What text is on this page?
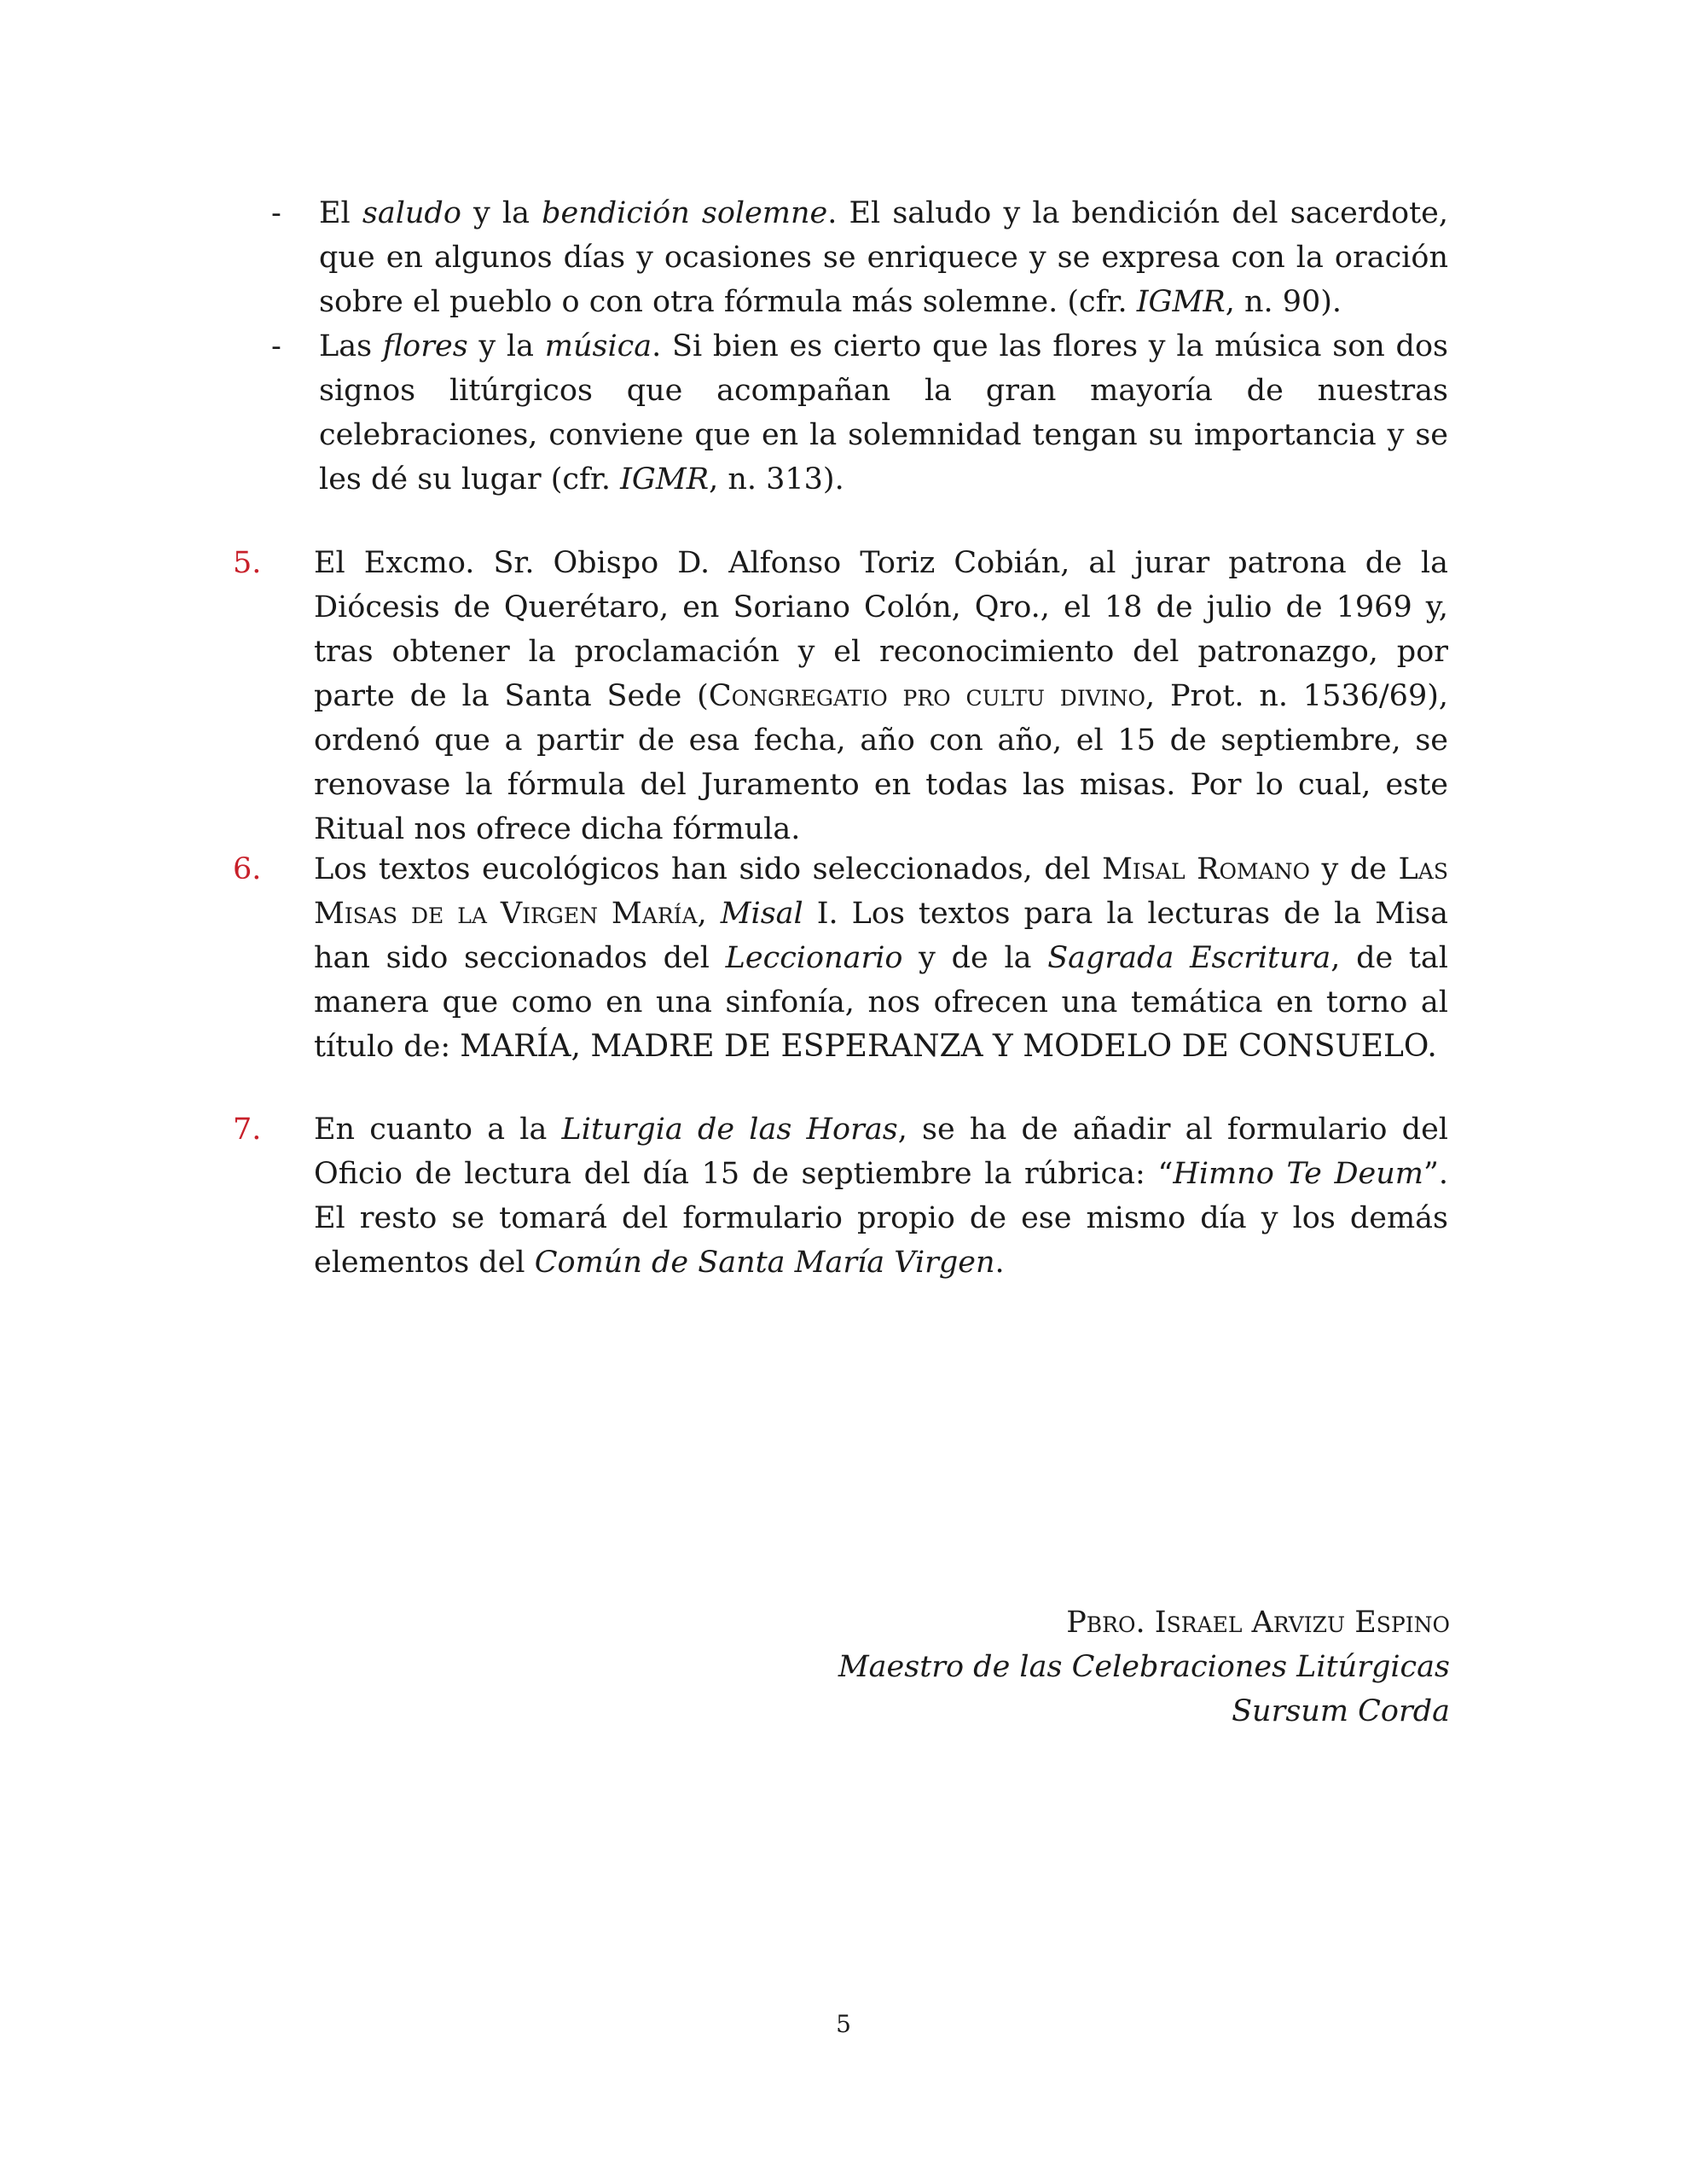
-	El saludo y la bendición solemne. El saludo y la bendición del sacerdote, que en algunos días y ocasiones se enriquece y se expresa con la oración sobre el pueblo o con otra fórmula más solemne. (cfr. IGMR, n. 90).

-	Las flores y la música. Si bien es cierto que las flores y la música son dos signos litúrgicos que acompañan la gran mayoría de nuestras celebraciones, conviene que en la solemnidad tengan su importancia y se les dé su lugar (cfr. IGMR, n. 313).

5. El Excmo. Sr. Obispo D. Alfonso Toriz Cobián, al jurar patrona de la Diócesis de Querétaro, en Soriano Colón, Qro., el 18 de julio de 1969 y, tras obtener la proclamación y el reconocimiento del patronazgo, por parte de la Santa Sede (Congregatio pro cultu divino, Prot. n. 1536/69), ordenó que a partir de esa fecha, año con año, el 15 de septiembre, se renovase la fórmula del Juramento en todas las misas. Por lo cual, este Ritual nos ofrece dicha fórmula.

6. Los textos eucológicos han sido seleccionados, del Misal Romano y de Las Misas de la Virgen María, Misal I. Los textos para la lecturas de la Misa han sido seccionados del Leccionario y de la Sagrada Escritura, de tal manera que como en una sinfonía, nos ofrecen una temática en torno al título de: MARÍA, MADRE DE ESPERANZA Y MODELO DE CONSUELO.

7. En cuanto a la Liturgia de las Horas, se ha de añadir al formulario del Oficio de lectura del día 15 de septiembre la rúbrica: “Himno Te Deum”. El resto se tomará del formulario propio de ese mismo día y los demás elementos del Común de Santa María Virgen.

Pbro. Israel Arvizu Espino
Maestro de las Celebraciones Litúrgicas
Sursum Corda
5
